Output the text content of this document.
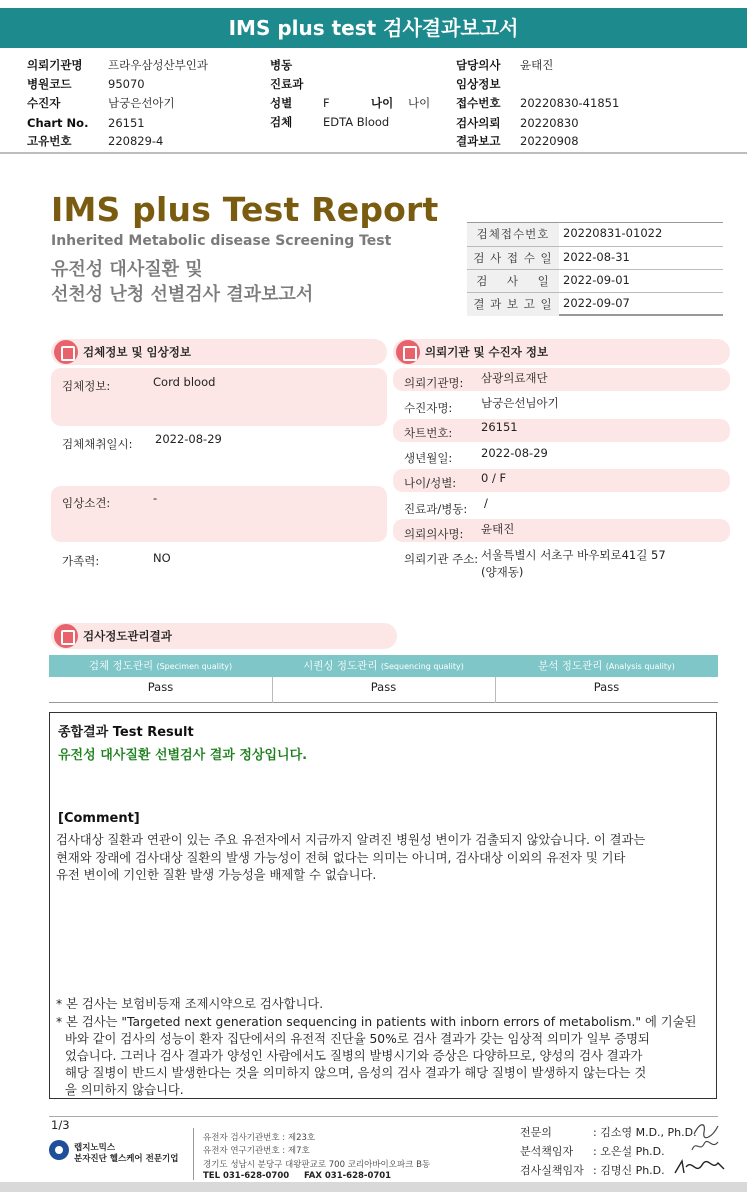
IMS plus test 검사결과보고서
의뢰기관명 프라우삼성산부인과
병원코드	95070
수진자	남궁은선아기
Chart No. 26151
고유번호	220829-4
병동
진료과
성별	F	나이 나이
검체	EDTA Blood
담당의사 윤태진
임상정보
접수번호 20220830-41851
검사의뢰 20220830
결과보고 20220908
IMS plus Test Report
Inherited Metabolic disease Screening Test
유전성 대사질환 및
선천성 난청 선별검사 결과보고서
검체접수번호	20220831-01022
검 사 접 수 일 2022-08-31
검    사    일	2022-09-01
결 과 보 고 일 2022-09-07
검체정보 및 임상정보	의뢰기관 및 수진자 정보
검체정보:	Cord blood
검체채취일시: 2022-08-29
임상소견:	-
가족력:	NO
의뢰기관명: 삼광의료재단
수진자명: 남궁은선님아기
차트번호: 26151
생년월일: 2022-08-29
나이/성별: 0 / F
진료과/병동: /
의뢰의사명: 윤태진
의뢰기관 주소: 서울특별시 서초구 바우뫼로41길 57
(양재동)
검사정도관리결과
검체 정도관리 (Specimen quality)	시퀀싱 정도관리 (Sequencing quality)	분석 정도관리 (Analysis quality)
Pass	Pass	Pass
종합결과 Test Result
유전성 대사질환 선별검사 결과 정상입니다.
[Comment]
검사대상 질환과 연관이 있는 주요 유전자에서 지금까지 알려진 병원성 변이가 검출되지 않았습니다. 이 결과는
현재와 장래에 검사대상 질환의 발생 가능성이 전혀 없다는 의미는 아니며, 검사대상 이외의 유전자 및 기타
유전 변이에 기인한 질환 발생 가능성을 배제할 수 없습니다.
* 본 검사는 보험비등재 조제시약으로 검사합니다.
* 본 검사는 "Targeted next generation sequencing in patients with inborn errors of metabolism." 에 기술된
바와 같이 검사의 성능이 환자 집단에서의 유전적 진단율 50%로 검사 결과가 갖는 임상적 의미가 일부 증명되
었습니다. 그러나 검사 결과가 양성인 사람에서도 질병의 발병시기와 증상은 다양하므로, 양성의 검사 결과가
해당 질병이 반드시 발생한다는 것을 의미하지 않으며, 음성의 검사 결과가 해당 질병이 발생하지 않는다는 것
을 의미하지 않습니다.
1/3
랩지노믹스
분자진단 헬스케어 전문기업
유전자 검사기관번호 : 제23호
유전자 연구기관번호 : 제7호
경기도 성남시 분당구 대왕판교로 700 코리아바이오파크 B동
TEL 031-628-0700     FAX 031-628-0701
전문의	: 김소영 M.D., Ph.D.
분석책임자 : 오은설 Ph.D.
검사실책임자 : 김명신 Ph.D.
